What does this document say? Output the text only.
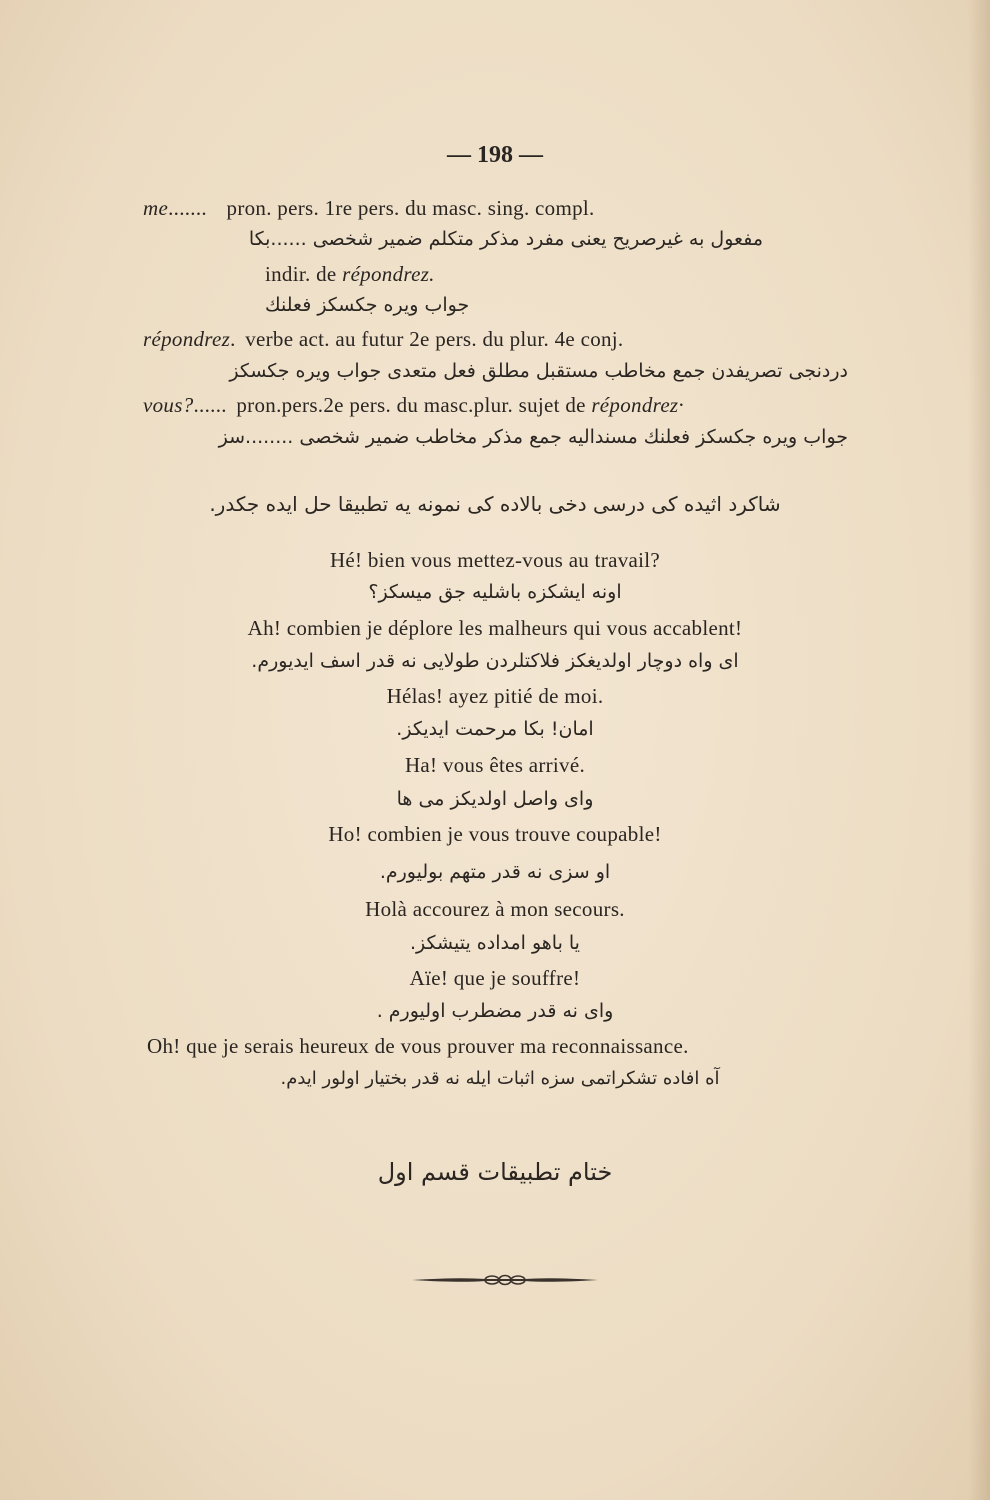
— 198 —
me....... pron. pers. 1re pers. du masc. sing. compl.
مفعول به غیرصریح یعنی مفرد مذکر متکلم ضمیر شخصی ......بكا
indir. de répondrez.
جواب ویره جکسکز فعلنك
répondrez. verbe act. au futur 2e pers. du plur. 4e conj.
دردنجی تصریفدن جمع مخاطب مستقبل مطلق فعل متعدی جواب ویره جکسکز
vous?...... pron.pers.2e pers. du masc.plur. sujet de répondrez·
جواب ویره جکسکز فعلنك مسنداليه جمع مذکر مخاطب ضمیر شخصی ........سز
شاکرد اثیده کی درسی دخی بالاده کی نمونه یه تطبیقا حل ایده جکدر.
Hé! bien vous mettez-vous au travail?
اونه ایشکزه باشلیه جق میسکز؟
Ah! combien je déplore les malheurs qui vous accablent!
ای واه دوچار اولدیغکز فلاکتلردن طولایی نه قدر اسف ایدیورم.
Hélas! ayez pitié de moi.
امان! بکا مرحمت ایدیکز.
Ha! vous êtes arrivé.
وای واصل اولدیکز می ها
Ho! combien je vous trouve coupable!
او سزی نه قدر متهم بولیورم.
Holà accourez à mon secours.
یا باهو امداده یتیشکز.
Aïe! que je souffre!
وای نه قدر مضطرب اولیورم .
Oh! que je serais heureux de vous prouver ma reconnaissance.
آه افاده تشکراتمی سزه اثبات ایله نه قدر بختیار اولور ایدم.
ختام تطبیقات قسم اول
